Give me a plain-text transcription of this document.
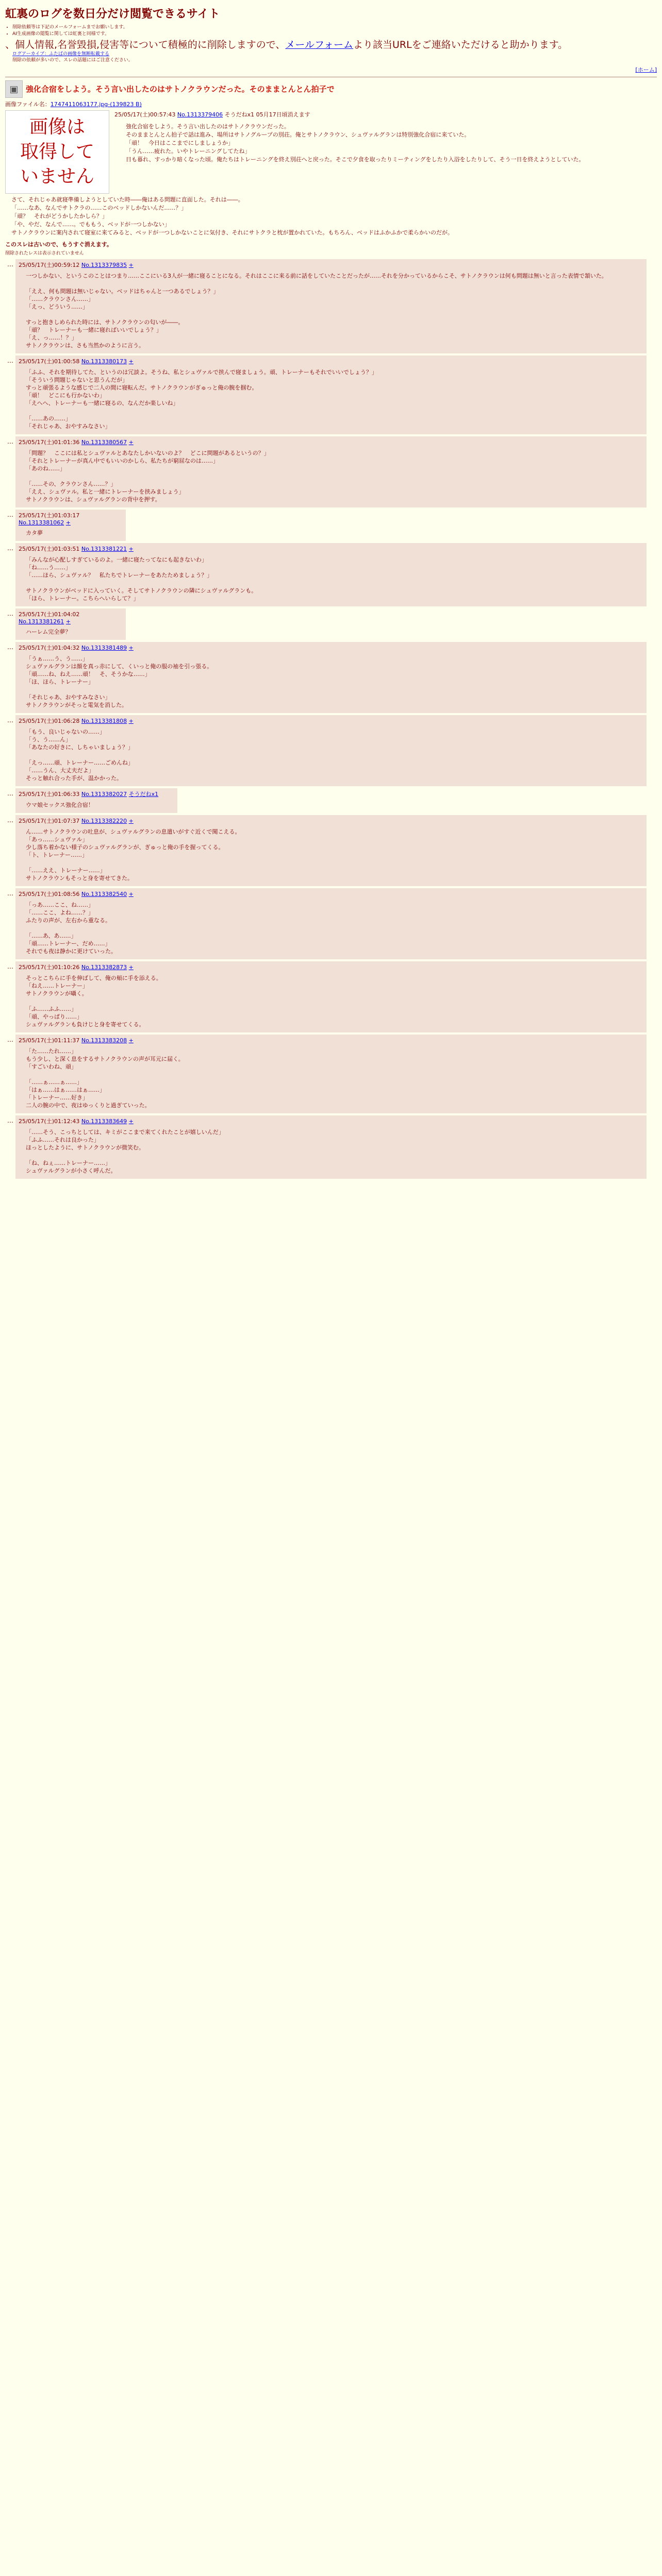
虹裏のログを数日分だけ閲覧できるサイト
• 削除依頼等は下記のメールフォームまでお願いします。
• AI生成画像の閲覧に関しては虹裏と同様です。
、個人情報,名誉毀損,侵害等について積極的に削除しますので、メールフォームより該当URLをご連絡いただけると助かります。
ログアーカイブ：ふたばの画像を無断転載する
削除の依頼が多いので、スレの話題にはご注意ください。
[ホーム]
▣ 強化合宿をしよう。そう言い出したのはサトノクラウンだった。そのままとんとん拍子で
画像ファイル名：1747411063177.jpg-(139823 B)
画像は
取得して
いません
25/05/17(土)00:57:43 No.1313379406 そうだねx1 05月17日頃消えます
強化合宿をしよう。そう言い出したのはサトノクラウンだった。
そのままとんとん拍子で話は進み、場所はサトノグループの別荘。俺とサトノクラウン、シュヴァルグランは特別強化合宿に来ていた。
「頑！　今日はここまでにしましょうか」
「うん……疲れた。いやトレーニングしてたね」
日も暮れ、すっかり暗くなった頃。俺たちはトレーニングを終え別荘へと戻った。そこで夕食を取ったりミーティングをしたり入浴をしたりして、そう一日を終えようとしていた。
さて、それじゃあ就寝準備しようとしていた時――俺はある問題に直面した。それは――。
「……なあ、なんでサトクラの……このベッドしかないんだ……？」
「頑？　それがどうかしたかしら？」
「や、やだ、なんで……。でももう、ベッドが一つしかない」
サトノクラウンに案内されて寝室に来てみると、ベッドが一つしかないことに気付き、それにサトクラと枕が置かれていた。もちろん、ベッドはふかふかで柔らかいのだが。
このスレは古いので、もうすぐ消えます。
削除されたレスは表示されていません
… 25/05/17(土)00:59:12 No.1313379835 +
一つしかない、というこのことはつまり……ここにいる3人が一緒に寝ることになる。それはここに来る前に話をしていたことだったが……それを分かっているからこそ、サトノクラウンは何も問題は無いと言った表情で頷いた。

「ええ、何も問題は無いじゃない。ベッドはちゃんと一つあるでしょう？」
「……クラウンさん……」
「えっ、どういう……」

すっと抱きしめられた時には、サトノクラウンの匂いが――。
「頑？　トレーナーも一緒に寝ればいいでしょう？」
「え、っ……！？」
サトノクラウンは、さも当然かのように言う。
… 25/05/17(土)01:00:58 No.1313380173 +
「ふふ、それを期待してた、というのは冗談よ。そうね、私とシュヴァルで挟んで寝ましょう。頑、トレーナーもそれでいいでしょう？」
「そういう問題じゃないと思うんだが」
すっと頑張るような感じで二人の間に寝転んだ。サトノクラウンがぎゅっと俺の腕を掴む。
「頑！　どこにも行かないわ」
「えへへ、トレーナーも一緒に寝るの、なんだか楽しいね」

「……あの……」
「それじゃあ、おやすみなさい」
… 25/05/17(土)01:01:36 No.1313380567 +
「問題？　ここには私とシュヴァルとあなたしかいないのよ？　どこに問題があるというの？」
「それとトレーナーが真ん中でもいいのかしら、私たちが窮屈なのは……」
「あのね……」

「……その、クラウンさん……？」
「ええ、シュヴァル。私と一緒にトレーナーを挟みましょう」
サトノクラウンは、シュヴァルグランの背中を押す。
… 25/05/17(土)01:03:17 No.1313381062 +
カタ夢
… 25/05/17(土)01:03:51 No.1313381221 +
「みんなが心配しすぎているのよ。一緒に寝たってなにも起きないわ」
「ね……う……」
「……ほら、シュヴァル？　私たちでトレーナーをあたためましょう？」

サトノクラウンがベッドに入っていく。そしてサトノクラウンの隣にシュヴァルグランも。
「ほら、トレーナー。こちらへいらして？」
… 25/05/17(土)01:04:02 No.1313381261 +
ハーレム完全夢？
… 25/05/17(土)01:04:32 No.1313381489 +
「うぁ……う、う……」
シュヴァルグランは顔を真っ赤にして、くいっと俺の服の袖を引っ張る。
「頑……ね、ねえ……頑！　そ、そうかな……」
「ほ、ほら、トレーナー」

「それじゃあ、おやすみなさい」
サトノクラウンがそっと電気を消した。
… 25/05/17(土)01:06:28 No.1313381808 +
「もう、良いじゃないの……」
「う、う……ん」
「あなたの好きに、しちゃいましょう？」

「えっ……頑、トレーナー……ごめんね」
「……うん、大丈夫だよ」
そっと触れ合った手が、温かかった。
… 25/05/17(土)01:06:33 No.1313382027 そうだねx1
ウマ娘セックス強化合宿！
… 25/05/17(土)01:07:37 No.1313382220 +
ん……サトノクラウンの吐息が、シュヴァルグランの息遣いがすぐ近くで聞こえる。
「あっ……シュヴァル」
少し落ち着かない様子のシュヴァルグランが、ぎゅっと俺の手を握ってくる。
「ト、トレーナー……」

「……ええ、トレーナー……」
サトノクラウンもそっと身を寄せてきた。
… 25/05/17(土)01:08:56 No.1313382540 +
「っあ……ここ、ね……」
「……ここ、よね……？」
ふたりの声が、左右から重なる。

「……あ、あ……」
「頑……トレーナー、だめ……」
それでも夜は静かに更けていった。
… 25/05/17(土)01:10:26 No.1313382873 +
そっとこちらに手を伸ばして、俺の頬に手を添える。
「ねえ……トレーナー」
サトノクラウンが囁く。

「ふ……ふふ……」
「頑、やっぱり……」
シュヴァルグランも負けじと身を寄せてくる。
… 25/05/17(土)01:11:37 No.1313383208 +
「た……たれ……」
もう少し、と深く息をするサトノクラウンの声が耳元に届く。
「すごいわね、頑」

「……ぁ……ぁ……」
「はぁ……はぁ……はぁ……」
「トレーナー……好き」
二人の腕の中で、夜はゆっくりと過ぎていった。
… 25/05/17(土)01:12:43 No.1313383649 +
「……そう、こっちとしては、キミがここまで来てくれたことが嬉しいんだ」
「ふふ……それは良かった」
ほっとしたように、サトノクラウンが微笑む。

「ね、ねぇ……トレーナー……」
シュヴァルグランが小さく呼んだ。
